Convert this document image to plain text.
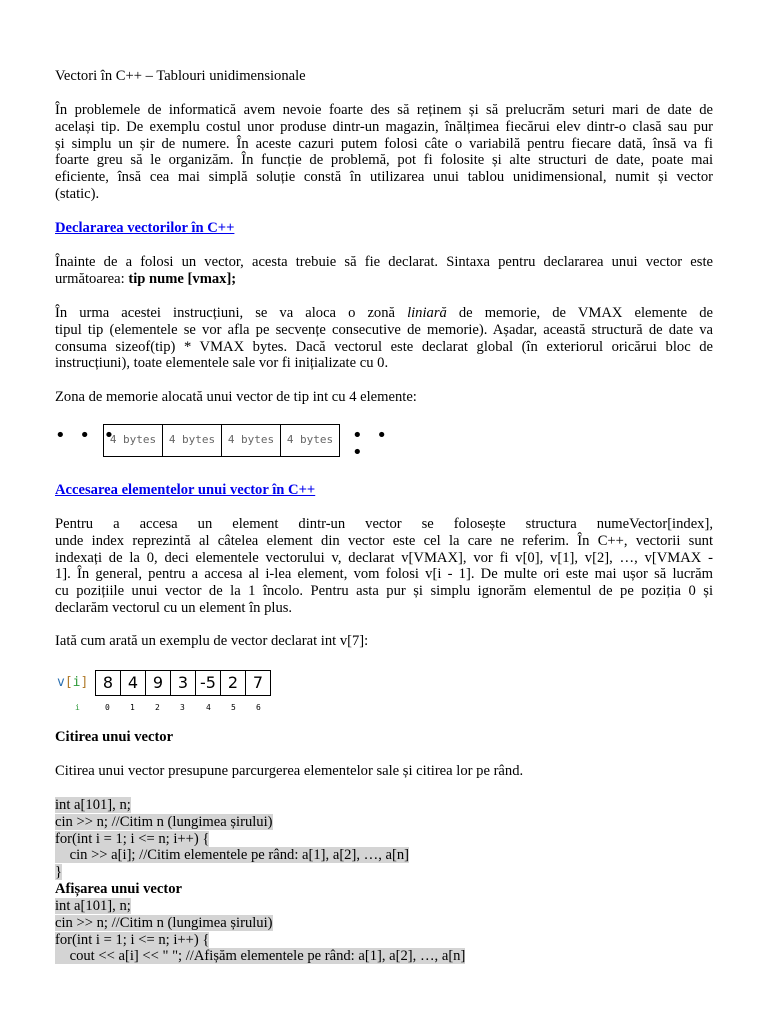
Vectori în C++ – Tablouri unidimensionale

În problemele de informatică avem nevoie foarte des să reținem și să prelucrăm seturi mari de date de
același tip. De exemplu costul unor produse dintr-un magazin, înălțimea fiecărui elev dintr-o clasă sau pur
și simplu un șir de numere. În aceste cazuri putem folosi câte o variabilă pentru fiecare dată, însă va fi
foarte greu să le organizăm. În funcție de problemă, pot fi folosite și alte structuri de date, poate mai
eficiente, însă cea mai simplă soluție constă în utilizarea unui tablou unidimensional, numit și vector
(static).

Declararea vectorilor în C++

Înainte de a folosi un vector, acesta trebuie să fie declarat. Sintaxa pentru declararea unui vector este
următoarea: tip nume [vmax];

În urma acestei instrucțiuni, se va aloca o zonă liniară de memorie, de VMAX elemente de
tipul tip (elementele se vor afla pe secvențe consecutive de memorie). Așadar, această structură de date va
consuma sizeof(tip) * VMAX bytes. Dacă vectorul este declarat global (în exteriorul oricărui bloc de
instrucțiuni), toate elementele sale vor fi inițializate cu 0.

Zona de memorie alocată unui vector de tip int cu 4 elemente:

• • •
4 bytes	4 bytes	4 bytes	4 bytes	• • •

Accesarea elementelor unui vector în C++

Pentru a accesa un element dintr-un vector se folosește structura numeVector[index],
unde index reprezintă al câtelea element din vector este cel la care ne referim. În C++, vectorii sunt
indexați de la 0, deci elementele vectorului v, declarat v[VMAX], vor fi v[0], v[1], v[2], …, v[VMAX -
1]. În general, pentru a accesa al i-lea element, vom folosi v[i - 1]. De multe ori este mai ușor să lucrăm
cu pozițiile unui vector de la 1 încolo. Pentru asta pur și simplu ignorăm elementul de pe poziția 0 și
declarăm vectorul cu un element în plus.

Iată cum arată un exemplu de vector declarat int v[7]:

v[i] 8 4 9 3 -5 2 7
i	0	1	2	3	4	5	6

Citirea unui vector

Citirea unui vector presupune parcurgerea elementelor sale și citirea lor pe rând.

int a[101], n;
cin >> n; //Citim n (lungimea șirului)
for(int i = 1; i <= n; i++) {
cin >> a[i]; //Citim elementele pe rând: a[1], a[2], …, a[n]
}

Afișarea unui vector

int a[101], n;
cin >> n; //Citim n (lungimea șirului)
for(int i = 1; i <= n; i++) {
cout << a[i] << " "; //Afișăm elementele pe rând: a[1], a[2], …, a[n]
